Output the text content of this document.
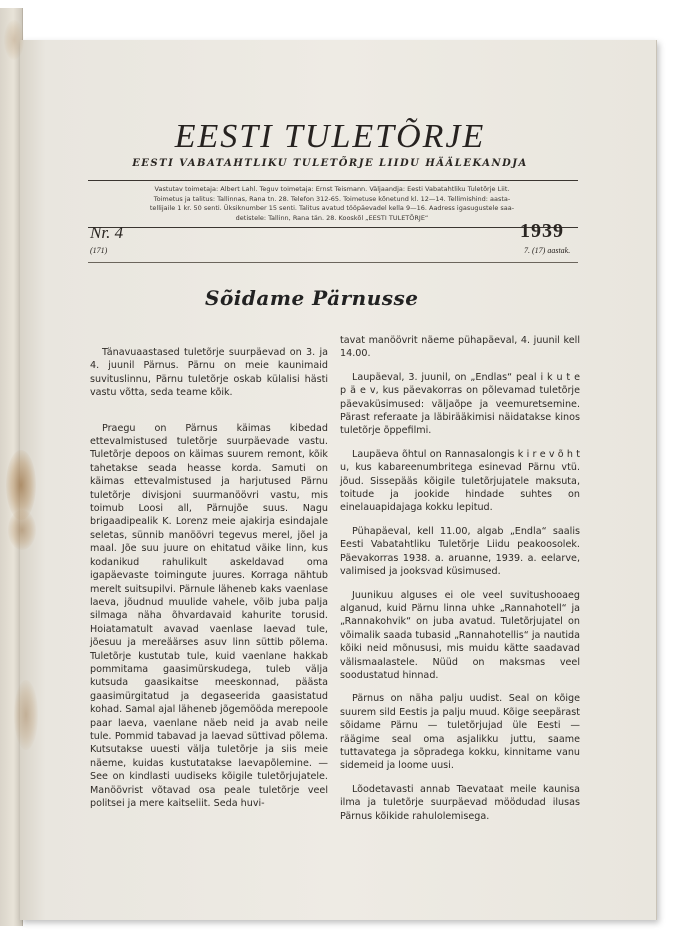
EESTI TULETÕRJE
EESTI VABATAHTLIKU TULETÕRJE LIIDU HÄÄLEKANDJA
Vastutav toimetaja: Albert Lahl. Teguv toimetaja: Ernst Teismann. Väljaandja: Eesti Vabatahtliku Tuletõrje Liit.
Toimetus ja talitus: Tallinnas, Rana tn. 28. Telefon 312-65. Toimetuse kõnetund kl. 12—14. Tellimishind: aasta-
tellijaile 1 kr. 50 senti. Üksiknumber 15 senti. Talitus avatud tööpäevadel kella 9—16. Aadress igasugustele saa-
detistele: Tallinn, Rana tän. 28. Kooskõl „EESTI TULETÕRJE“
Nr. 4
(171)
1939
7. (17) aastak.
Sõidame Pärnusse

Tänavuaastased tuletõrje suurpäevad on 3. ja 4. juunil Pärnus. Pärnu on meie kaunimaid suvituslinnu, Pärnu tuletõrje oskab külalisi hästi vastu võtta, seda teame kõik.

Praegu on Pärnus käimas kibedad ettevalmistused tuletõrje suurpäevade vastu. Tuletõrje depoos on käimas suurem remont, kõik tahetakse seada heasse korda. Samuti on käimas ettevalmistused ja harjutused Pärnu tuletõrje divisjoni suurmanöövri vastu, mis toimub Loosi all, Pärnujõe suus. Nagu brigaadipealik K. Lorenz meie ajakirja esindajale seletas, sünnib manöövri tegevus merel, jõel ja maal. Jõe suu juure on ehitatud väike linn, kus kodanikud rahulikult askeldavad oma igapäevaste toimingute juures. Korraga nähtub merelt suitsupilvi. Pärnule läheneb kaks vaenlase laeva, jõudnud muulide vahele, võib juba palja silmaga näha õhvardavaid kahurite torusid. Hoiatamatult avavad vaenlase laevad tule, jõesuu ja mereäärses asuv linn süttib põlema. Tuletõrje kustutab tule, kuid vaenlane hakkab pommitama gaasimürskudega, tuleb välja kutsuda gaasikaitse meeskonnad, päästa gaasimürgitatud ja degaseerida gaasistatud kohad. Samal ajal läheneb jõgemööda merepoole paar laeva, vaenlane näeb neid ja avab neile tule. Pommid tabavad ja laevad süttivad põlema. Kutsutakse uuesti välja tuletõrje ja siis meie näeme, kuidas kustutatakse laevapõlemine. — See on kindlasti uudiseks kõigile tuletõrjujatele. Manöövrist võtavad osa peale tuletõrje veel politsei ja mere kaitseliit. Seda huvi-

tavat manöövrit näeme pühapäeval, 4. juunil kell 14.00.

Laupäeval, 3. juunil, on „Endlas“ peal i k u t e p ä e v, kus päevakorras on põlevamad tuletõrje päevaküsimused: väljaõpe ja veemuretsemine. Pärast referaate ja läbirääkimisi näidatakse kinos tuletõrje õppefilmi.

Laupäeva õhtul on Rannasalongis k i r e v õ h t u, kus kabareenumbritega esinevad Pärnu vtü. jõud. Sissepääs kõigile tuletõrjujatele maksuta, toitude ja jookide hindade suhtes on einelauapidajaga kokku lepitud.

Pühapäeval, kell 11.00, algab „Endla“ saalis Eesti Vabatahtliku Tuletõrje Liidu peakoosolek. Päevakorras 1938. a. aruanne, 1939. a. eelarve, valimised ja jooksvad küsimused.

Juunikuu alguses ei ole veel suvitushooaeg alganud, kuid Pärnu linna uhke „Rannahotell“ ja „Rannakohvik“ on juba avatud. Tuletõrjujatel on võimalik saada tubasid „Rannahotellis“ ja nautida kõiki neid mõnususi, mis muidu kätte saadavad välismaalastele. Nüüd on maksmas veel soodustatud hinnad.

Pärnus on näha palju uudist. Seal on kõige suurem sild Eestis ja palju muud. Kõige seepärast sõidame Pärnu — tuletõrjujad üle Eesti — räägime seal oma asjalikku juttu, saame tuttavatega ja sõpradega kokku, kinnitame vanu sidemeid ja loome uusi.

Lõodetavasti annab Taevataat meile kaunisa ilma ja tuletõrje suurpäevad möödudad ilusas Pärnus kõikide rahulolemisega.
